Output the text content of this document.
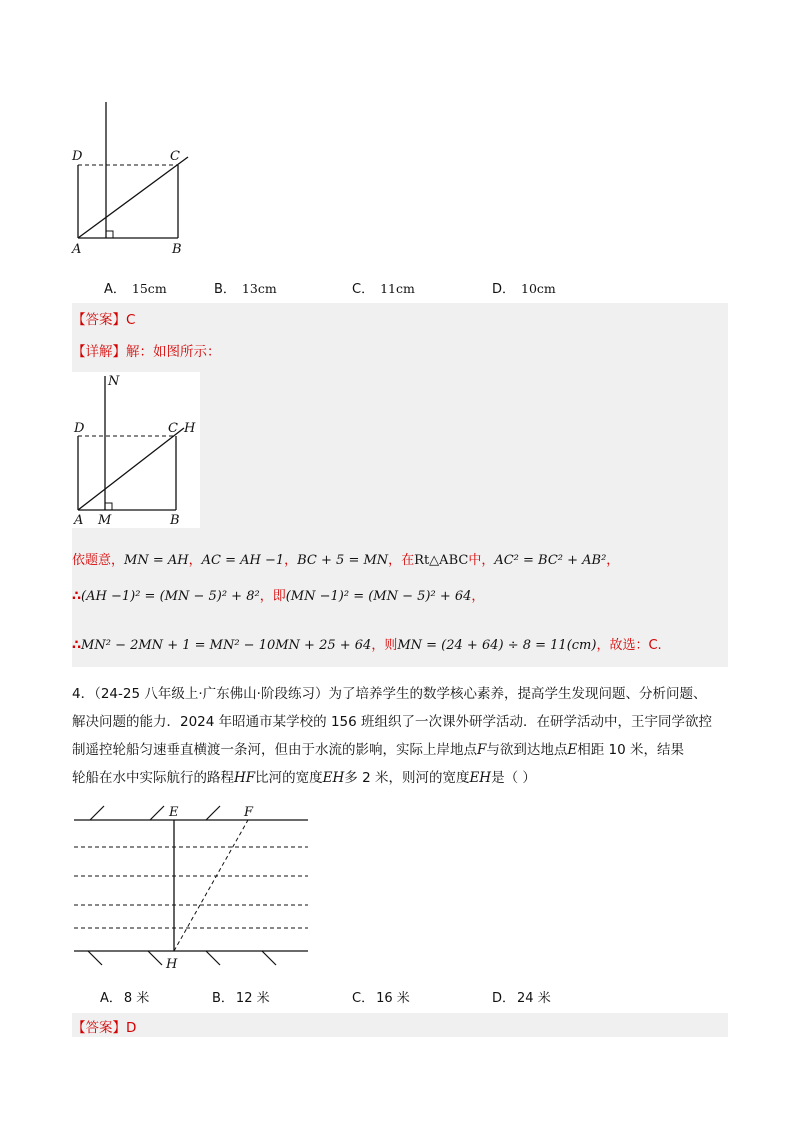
D	C
A	B
A． 15cm	B． 13cm	C． 11cm	D． 10cm
【答案】C
【详解】解：如图所示：
N
D	C H
A M	B
依题意，MN = AH，AC = AH −1，BC + 5 = MN，在Rt△ABC中，AC² = BC² + AB²，
∴(AH −1)² = (MN − 5)² + 8²，即(MN −1)² = (MN − 5)² + 64，
∴MN² − 2MN + 1 = MN² − 10MN + 25 + 64，则MN = (24 + 64) ÷ 8 = 11(cm)，故选：C.
4．（24-25 八年级上·广东佛山·阶段练习）为了培养学生的数学核心素养，提高学生发现问题、分析问题、
解决问题的能力．2024 年昭通市某学校的 156 班组织了一次课外研学活动．在研学活动中，王宇同学欲控
制遥控轮船匀速垂直横渡一条河，但由于水流的影响，实际上岸地点F与欲到达地点E相距 10 米，结果
轮船在水中实际航行的路程HF比河的宽度EH多 2 米，则河的宽度EH是（ ）
E	F
H
A． 8 米	B． 12 米	C． 16 米	D． 24 米
【答案】D
